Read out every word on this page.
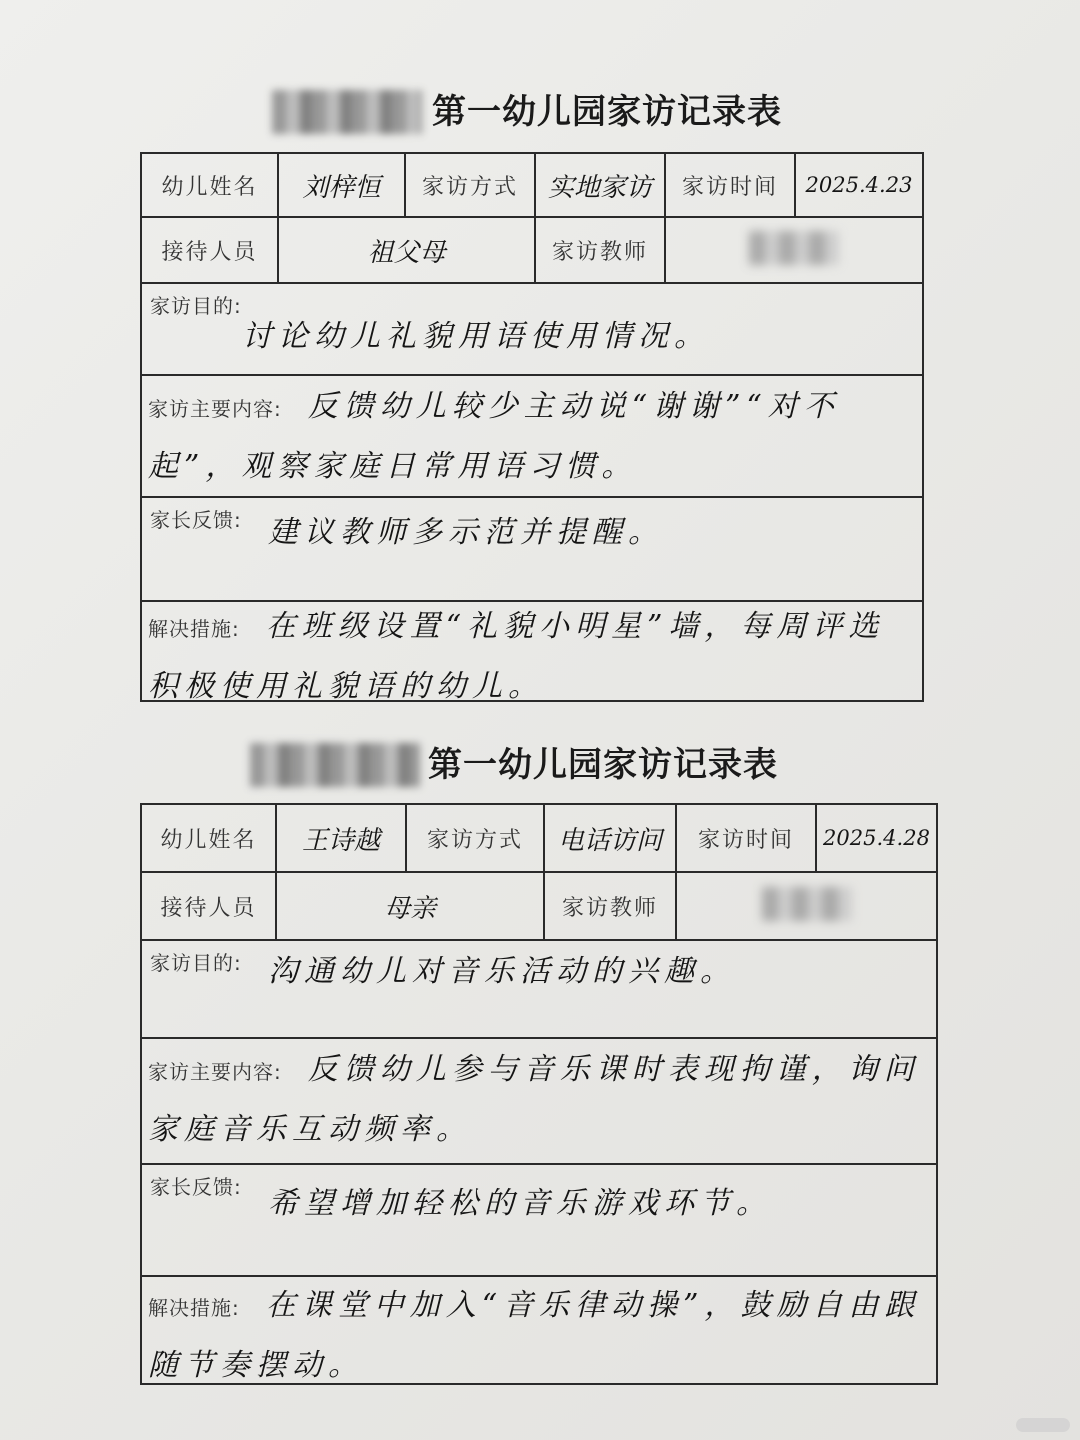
第一幼儿园家访记录表
幼儿姓名	刘梓恒	家访方式	实地家访	家访时间	2025.4.23
接待人员	祖父母		家访教师		

家访目的:
讨论幼儿礼貌用语使用情况。					

家访主要内容: 反馈幼儿较少主动说“谢谢”“对不起”，观察家庭日常用语习惯。					

家长反馈: 建议教师多示范并提醒。					

解决措施: 在班级设置“礼貌小明星”墙，每周评选积极使用礼貌语的幼儿。					
第一幼儿园家访记录表
幼儿姓名	王诗越	家访方式	电话访问	家访时间	2025.4.28
接待人员	母亲		家访教师		

家访目的: 沟通幼儿对音乐活动的兴趣。					

家访主要内容: 反馈幼儿参与音乐课时表现拘谨，询问家庭音乐互动频率。					

家长反馈: 希望增加轻松的音乐游戏环节。					

解决措施: 在课堂中加入“音乐律动操”，鼓励自由跟随节奏摆动。					
